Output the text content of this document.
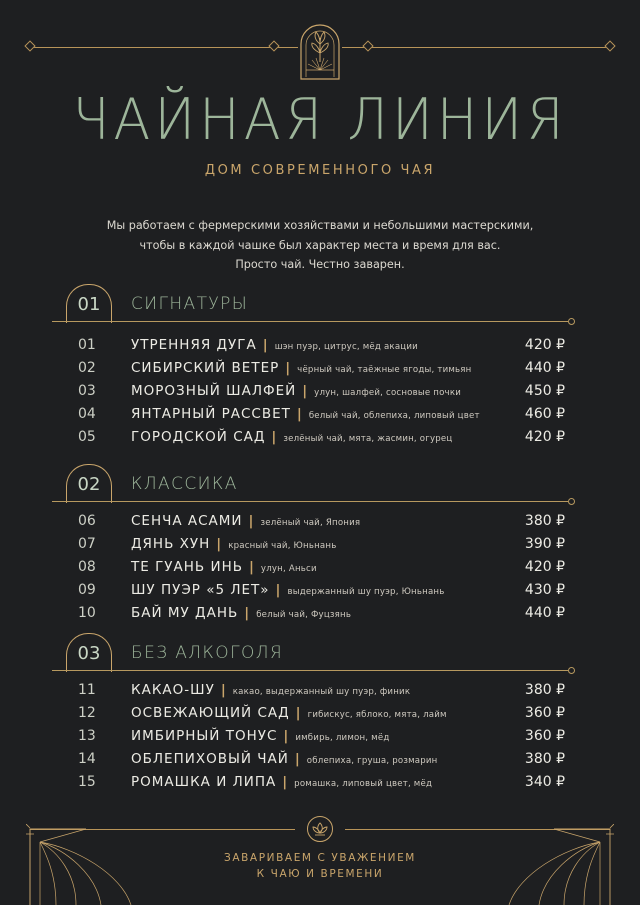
ЧАЙНАЯ ЛИНИЯ
ДОМ СОВРЕМЕННОГО ЧАЯ
Мы работаем с фермерскими хозяйствами и небольшими мастерскими,
чтобы в каждой чашке был характер места и время для вас.
Просто чай. Честно заварен.
01	СИГНАТУРЫ
01	УТРЕННЯЯ ДУГА | шэн пуэр, цитрус, мёд акации	420 ₽
02	СИБИРСКИЙ ВЕТЕР | чёрный чай, таёжные ягоды, тимьян	440 ₽
03	МОРОЗНЫЙ ШАЛФЕЙ | улун, шалфей, сосновые почки	450 ₽
04	ЯНТАРНЫЙ РАССВЕТ | белый чай, облепиха, липовый цвет	460 ₽
05	ГОРОДСКОЙ САД | зелёный чай, мята, жасмин, огурец	420 ₽
02	КЛАССИКА
06	СЕНЧА АСАМИ | зелёный чай, Япония	380 ₽
07	ДЯНЬ ХУН | красный чай, Юньнань	390 ₽
08	ТЕ ГУАНЬ ИНЬ | улун, Аньси	420 ₽
09	ШУ ПУЭР «5 ЛЕТ» | выдержанный шу пуэр, Юньнань	430 ₽
10	БАЙ МУ ДАНЬ | белый чай, Фуцзянь	440 ₽
03	БЕЗ АЛКОГОЛЯ
11	КАКАО-ШУ | какао, выдержанный шу пуэр, финик	380 ₽
12	ОСВЕЖАЮЩИЙ САД | гибискус, яблоко, мята, лайм	360 ₽
13	ИМБИРНЫЙ ТОНУС | имбирь, лимон, мёд	360 ₽
14	ОБЛЕПИХОВЫЙ ЧАЙ | облепиха, груша, розмарин	380 ₽
15	РОМАШКА И ЛИПА | ромашка, липовый цвет, мёд	340 ₽
ЗАВАРИВАЕМ С УВАЖЕНИЕМ
К ЧАЮ И ВРЕМЕНИ
